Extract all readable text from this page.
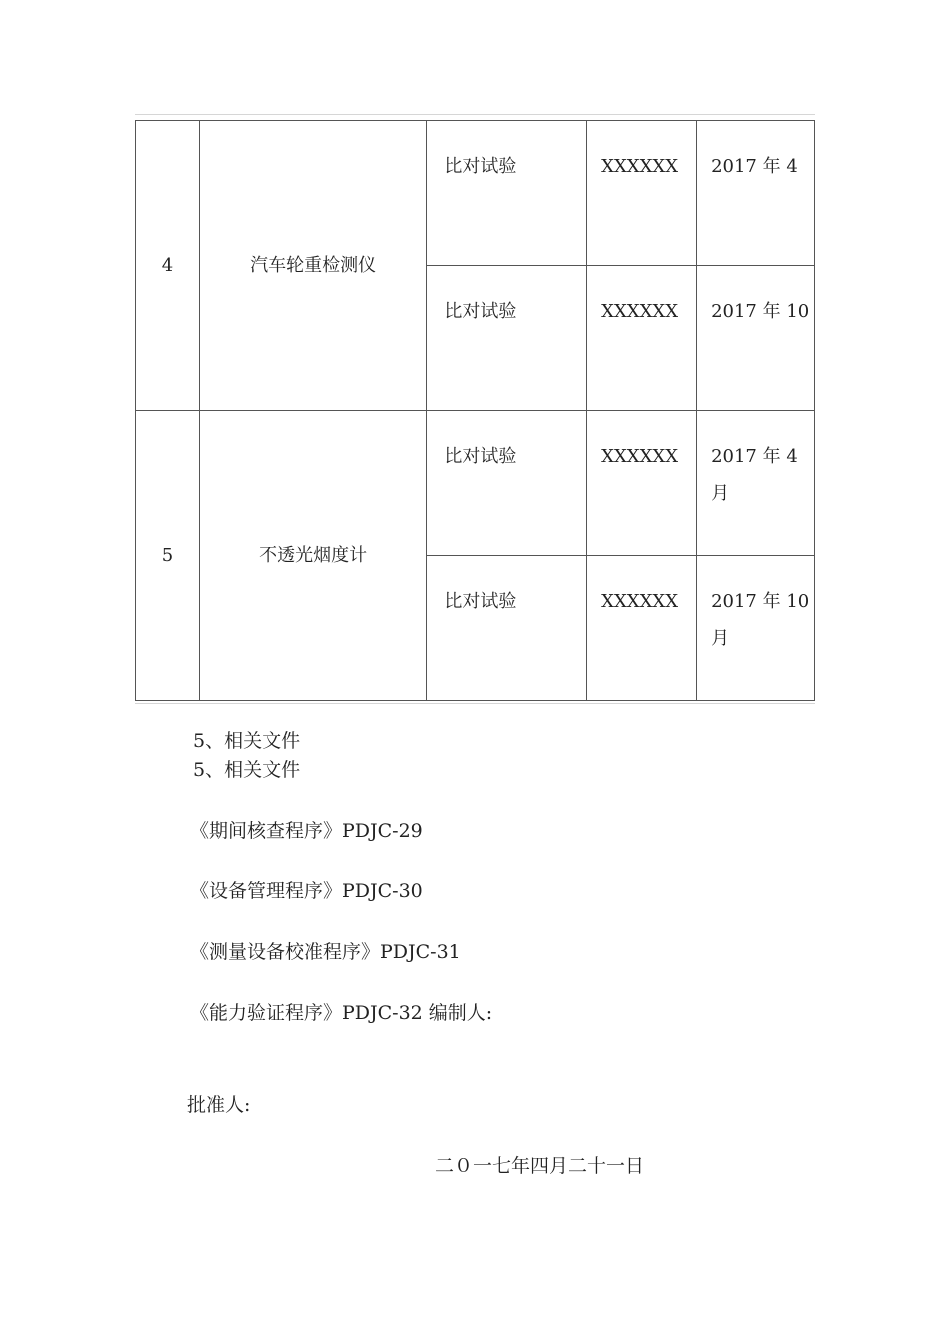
4	汽车轮重检测仪	比对试验	XXXXXX	2017 年 4
		比对试验	XXXXXX	2017 年 10
5	不透光烟度计	比对试验	XXXXXX	2017 年 4 月
		比对试验	XXXXXX	2017 年 10 月
5、相关文件
5、相关文件
《期间核查程序》PDJC-29
《设备管理程序》PDJC-30
《测量设备校准程序》PDJC-31
《能力验证程序》PDJC-32 编制人:
批准人:
二０一七年四月二十一日
